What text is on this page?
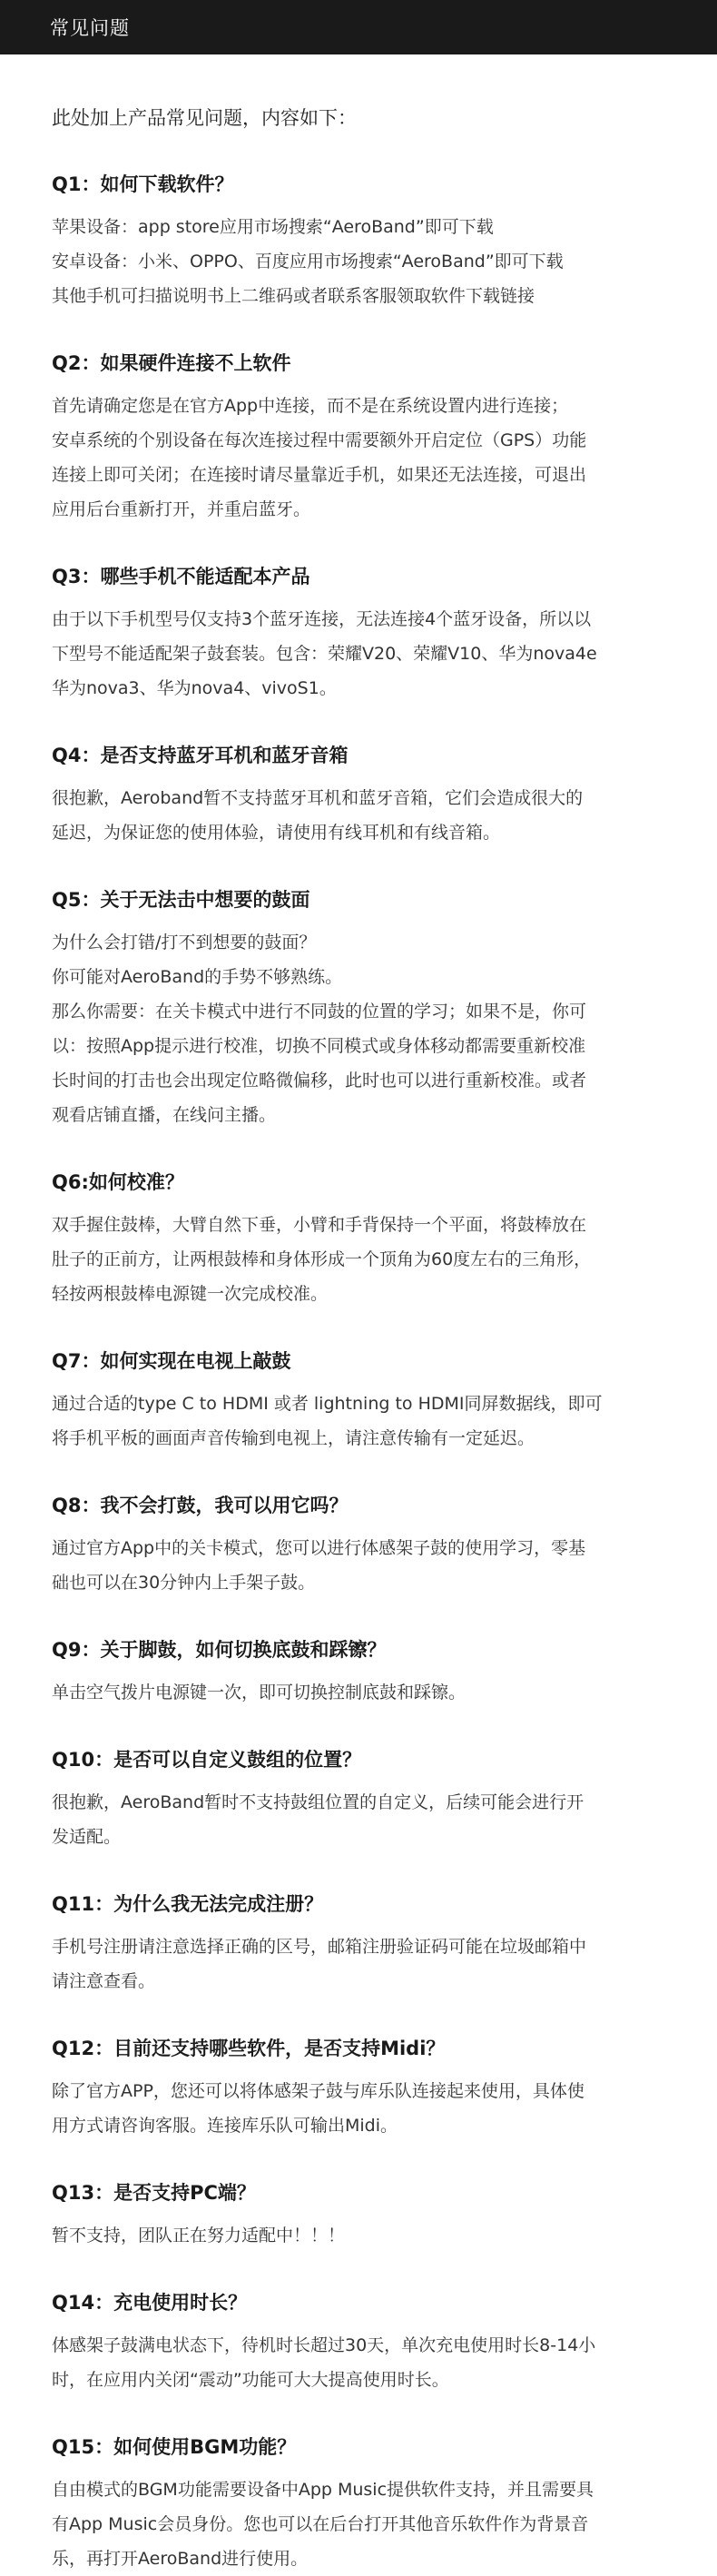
常见问题
此处加上产品常见问题，内容如下：
Q1：如何下载软件？
苹果设备：app store应用市场搜索“AeroBand”即可下载
安卓设备：小米、OPPO、百度应用市场搜索“AeroBand”即可下载
其他手机可扫描说明书上二维码或者联系客服领取软件下载链接
Q2：如果硬件连接不上软件
首先请确定您是在官方App中连接，而不是在系统设置内进行连接；
安卓系统的个别设备在每次连接过程中需要额外开启定位（GPS）功能
连接上即可关闭；在连接时请尽量靠近手机，如果还无法连接，可退出
应用后台重新打开，并重启蓝牙。
Q3：哪些手机不能适配本产品
由于以下手机型号仅支持3个蓝牙连接，无法连接4个蓝牙设备，所以以
下型号不能适配架子鼓套装。包含：荣耀V20、荣耀V10、华为nova4e
华为nova3、华为nova4、vivoS1。
Q4：是否支持蓝牙耳机和蓝牙音箱
很抱歉，Aeroband暂不支持蓝牙耳机和蓝牙音箱，它们会造成很大的
延迟，为保证您的使用体验，请使用有线耳机和有线音箱。
Q5：关于无法击中想要的鼓面
为什么会打错/打不到想要的鼓面？
你可能对AeroBand的手势不够熟练。
那么你需要：在关卡模式中进行不同鼓的位置的学习；如果不是，你可
以：按照App提示进行校准，切换不同模式或身体移动都需要重新校准
长时间的打击也会出现定位略微偏移，此时也可以进行重新校准。或者
观看店铺直播，在线问主播。
Q6:如何校准？
双手握住鼓棒，大臂自然下垂，小臂和手背保持一个平面，将鼓棒放在
肚子的正前方，让两根鼓棒和身体形成一个顶角为60度左右的三角形，
轻按两根鼓棒电源键一次完成校准。
Q7：如何实现在电视上敲鼓
通过合适的type C to HDMI 或者 lightning to HDMI同屏数据线，即可
将手机平板的画面声音传输到电视上，请注意传输有一定延迟。
Q8：我不会打鼓，我可以用它吗？
通过官方App中的关卡模式，您可以进行体感架子鼓的使用学习，零基
础也可以在30分钟内上手架子鼓。
Q9：关于脚鼓，如何切换底鼓和踩镲？
单击空气拨片电源键一次，即可切换控制底鼓和踩镲。
Q10：是否可以自定义鼓组的位置？
很抱歉，AeroBand暂时不支持鼓组位置的自定义，后续可能会进行开
发适配。
Q11：为什么我无法完成注册？
手机号注册请注意选择正确的区号，邮箱注册验证码可能在垃圾邮箱中
请注意查看。
Q12：目前还支持哪些软件，是否支持Midi？
除了官方APP，您还可以将体感架子鼓与库乐队连接起来使用，具体使
用方式请咨询客服。连接库乐队可输出Midi。
Q13：是否支持PC端？
暂不支持，团队正在努力适配中！！！
Q14：充电使用时长？
体感架子鼓满电状态下，待机时长超过30天，单次充电使用时长8-14小
时，在应用内关闭“震动”功能可大大提高使用时长。
Q15：如何使用BGM功能？
自由模式的BGM功能需要设备中App Music提供软件支持，并且需要具
有App Music会员身份。您也可以在后台打开其他音乐软件作为背景音
乐，再打开AeroBand进行使用。
